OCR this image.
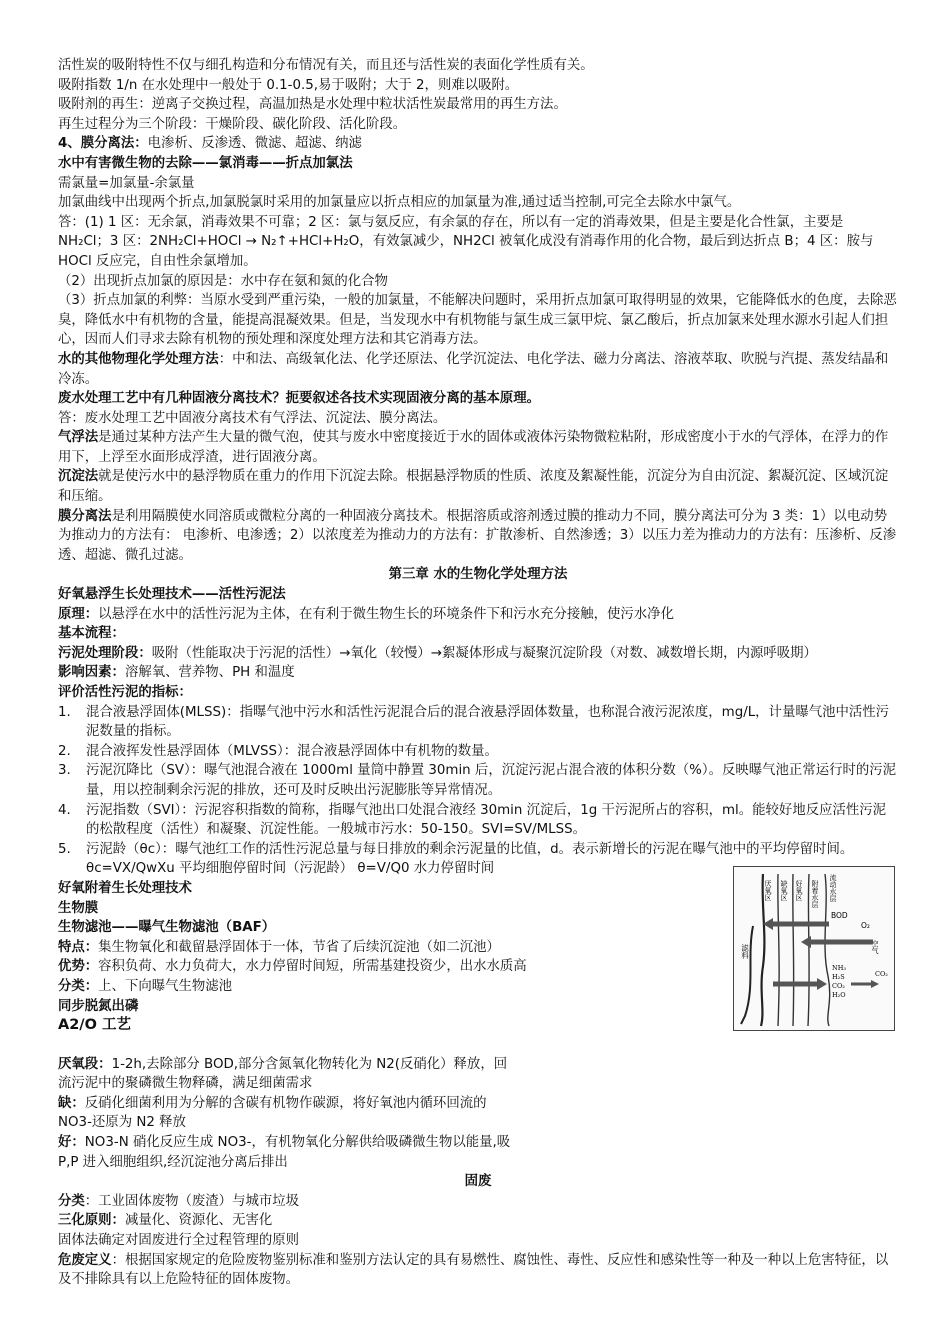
活性炭的吸附特性不仅与细孔构造和分布情况有关，而且还与活性炭的表面化学性质有关。

吸附指数 1/n 在水处理中一般处于 0.1-0.5,易于吸附；大于 2，则难以吸附。

吸附剂的再生：逆离子交换过程，高温加热是水处理中粒状活性炭最常用的再生方法。

再生过程分为三个阶段：干燥阶段、碳化阶段、活化阶段。

4、膜分离法：电渗析、反渗透、微滤、超滤、纳滤

水中有害微生物的去除——氯消毒——折点加氯法

需氯量=加氯量-余氯量

加氯曲线中出现两个折点,加氯脱氯时采用的加氯量应以折点相应的加氯量为准,通过适当控制,可完全去除水中氯气。

答：(1) 1 区：无余氯，消毒效果不可靠；2 区：氯与氨反应，有余氯的存在，所以有一定的消毒效果，但是主要是化合性氯，主要是 NH₂Cl；3 区：2NH₂Cl+HOCl → N₂↑+HCl+H₂O，有效氯减少，NH2Cl 被氧化成没有消毒作用的化合物，最后到达折点 B；4 区：胺与 HOCl 反应完，自由性余氯增加。

（2）出现折点加氯的原因是：水中存在氨和氮的化合物

（3）折点加氯的利弊：当原水受到严重污染，一般的加氯量，不能解决问题时，采用折点加氯可取得明显的效果，它能降低水的色度，去除恶臭，降低水中有机物的含量，能提高混凝效果。但是，当发现水中有机物能与氯生成三氯甲烷、氯乙酸后，折点加氯来处理水源水引起人们担心，因而人们寻求去除有机物的预处理和深度处理方法和其它消毒方法。

水的其他物理化学处理方法：中和法、高级氧化法、化学还原法、化学沉淀法、电化学法、磁力分离法、溶液萃取、吹脱与汽提、蒸发结晶和冷冻。

废水处理工艺中有几种固液分离技术？扼要叙述各技术实现固液分离的基本原理。

答：废水处理工艺中固液分离技术有气浮法、沉淀法、膜分离法。

气浮法是通过某种方法产生大量的微气泡，使其与废水中密度接近于水的固体或液体污染物微粒粘附，形成密度小于水的气浮体，在浮力的作用下，上浮至水面形成浮渣，进行固液分离。

沉淀法就是使污水中的悬浮物质在重力的作用下沉淀去除。根据悬浮物质的性质、浓度及絮凝性能，沉淀分为自由沉淀、絮凝沉淀、区域沉淀和压缩。

膜分离法是利用隔膜使水同溶质或微粒分离的一种固液分离技术。根据溶质或溶剂透过膜的推动力不同，膜分离法可分为 3 类：1）以电动势为推动力的方法有： 电渗析、电渗透；2）以浓度差为推动力的方法有：扩散渗析、自然渗透；3）以压力差为推动力的方法有：压渗析、反渗透、超滤、微孔过滤。

第三章 水的生物化学处理方法

好氧悬浮生长处理技术——活性污泥法

原理：以悬浮在水中的活性污泥为主体，在有利于微生物生长的环境条件下和污水充分接触，使污水净化

基本流程：

污泥处理阶段：吸附（性能取决于污泥的活性）→氧化（较慢）→絮凝体形成与凝聚沉淀阶段（对数、减数增长期，内源呼吸期）

影响因素：溶解氧、营养物、PH 和温度

评价活性污泥的指标：

1. 混合液悬浮固体(MLSS)：指曝气池中污水和活性污泥混合后的混合液悬浮固体数量，也称混合液污泥浓度，mg/L，计量曝气池中活性污泥数量的指标。
2. 混合液挥发性悬浮固体（MLVSS）：混合液悬浮固体中有机物的数量。
3. 污泥沉降比（SV）：曝气池混合液在 1000ml 量筒中静置 30min 后，沉淀污泥占混合液的体积分数（%）。反映曝气池正常运行时的污泥量，用以控制剩余污泥的排放，还可及时反映出污泥膨胀等异常情况。
4. 污泥指数（SVI）：污泥容积指数的简称，指曝气池出口处混合液经 30min 沉淀后，1g 干污泥所占的容积，ml。能较好地反应活性污泥的松散程度（活性）和凝聚、沉淀性能。一般城市污水：50-150。SVI=SV/MLSS。
5. 污泥龄（θc）：曝气池红工作的活性污泥总量与每日排放的剩余污泥量的比值，d。表示新增长的污泥在曝气池中的平均停留时间。 θc=VX/QwXu 平均细胞停留时间（污泥龄） θ=V/Q0 水力停留时间

好氧附着生长处理技术

生物膜

生物滤池——曝气生物滤池（BAF）

特点：集生物氧化和截留悬浮固体于一体，节省了后续沉淀池（如二沉池）

优势：容积负荷、水力负荷大，水力停留时间短，所需基建投资少，出水水质高

分类：上、下向曝气生物滤池

同步脱氮出磷

A2/O 工艺

厌氧段：1-2h,去除部分 BOD,部分含氮氧化物转化为 N2(反硝化）释放，回流污泥中的聚磷微生物释磷，满足细菌需求

缺：反硝化细菌利用为分解的含碳有机物作碳源，将好氧池内循环回流的 NO3-还原为 N2 释放

好：NO3-N 硝化反应生成 NO3-，有机物氧化分解供给吸磷微生物以能量,吸 P,P 进入细胞组织,经沉淀池分离后排出

固废

分类：工业固体废物（废渣）与城市垃圾

三化原则：减量化、资源化、无害化

固体法确定对固废进行全过程管理的原则

危废定义：根据国家规定的危险废物鉴别标准和鉴别方法认定的具有易燃性、腐蚀性、毒性、反应性和感染性等一种及一种以上危害特征，以及不排除具有以上危险特征的固体废物。

厌氧区 缺氧区 好氧区 附着水层 流动水层
BOD
O₂
空气
滤料
NH₃
H₂S
CO₂
H₂O
CO₂
